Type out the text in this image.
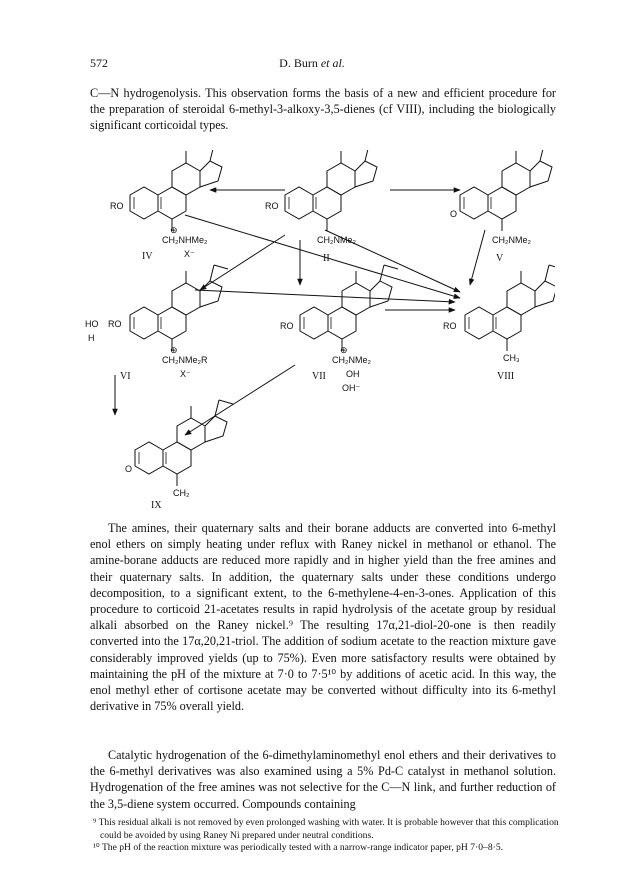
572	D. Burn et al.

C—N hydrogenolysis. This observation forms the basis of a new and efficient procedure for the preparation of steroidal 6-methyl-3-alkoxy-3,5-dienes (cf VIII), including the biologically significant corticoidal types.

RO
CH₂NHMe₂
⊕
X⁻
IV
RO
CH₂NMe₂
II
O
CH₂NMe₂
V
HO RO
H
CH₂NMe₂R
⊕
X⁻
VI
RO
CH₂NMe₂
⊕
OH
OH⁻
VII
RO
CH₃
VIII
O
CH₂
IX

The amines, their quaternary salts and their borane adducts are converted into 6-methyl enol ethers on simply heating under reflux with Raney nickel in methanol or ethanol. The amine-borane adducts are reduced more rapidly and in higher yield than the free amines and their quaternary salts. In addition, the quaternary salts under these conditions undergo decomposition, to a significant extent, to the 6-methylene-4-en-3-ones. Application of this procedure to corticoid 21-acetates results in rapid hydrolysis of the acetate group by residual alkali absorbed on the Raney nickel.⁹ The resulting 17α,21-diol-20-one is then readily converted into the 17α,20,21-triol. The addition of sodium acetate to the reaction mixture gave considerably improved yields (up to 75%). Even more satisfactory results were obtained by maintaining the pH of the mixture at 7·0 to 7·5¹⁰ by additions of acetic acid. In this way, the enol methyl ether of cortisone acetate may be converted without difficulty into its 6-methyl derivative in 75% overall yield.

Catalytic hydrogenation of the 6-dimethylaminomethyl enol ethers and their derivatives to the 6-methyl derivatives was also examined using a 5% Pd-C catalyst in methanol solution. Hydrogenation of the free amines was not selective for the C—N link, and further reduction of the 3,5-diene system occurred. Compounds containing

⁹ This residual alkali is not removed by even prolonged washing with water. It is probable however that this complication could be avoided by using Raney Ni prepared under neutral conditions.

¹⁰ The pH of the reaction mixture was periodically tested with a narrow-range indicator paper, pH 7·0–8·5.
